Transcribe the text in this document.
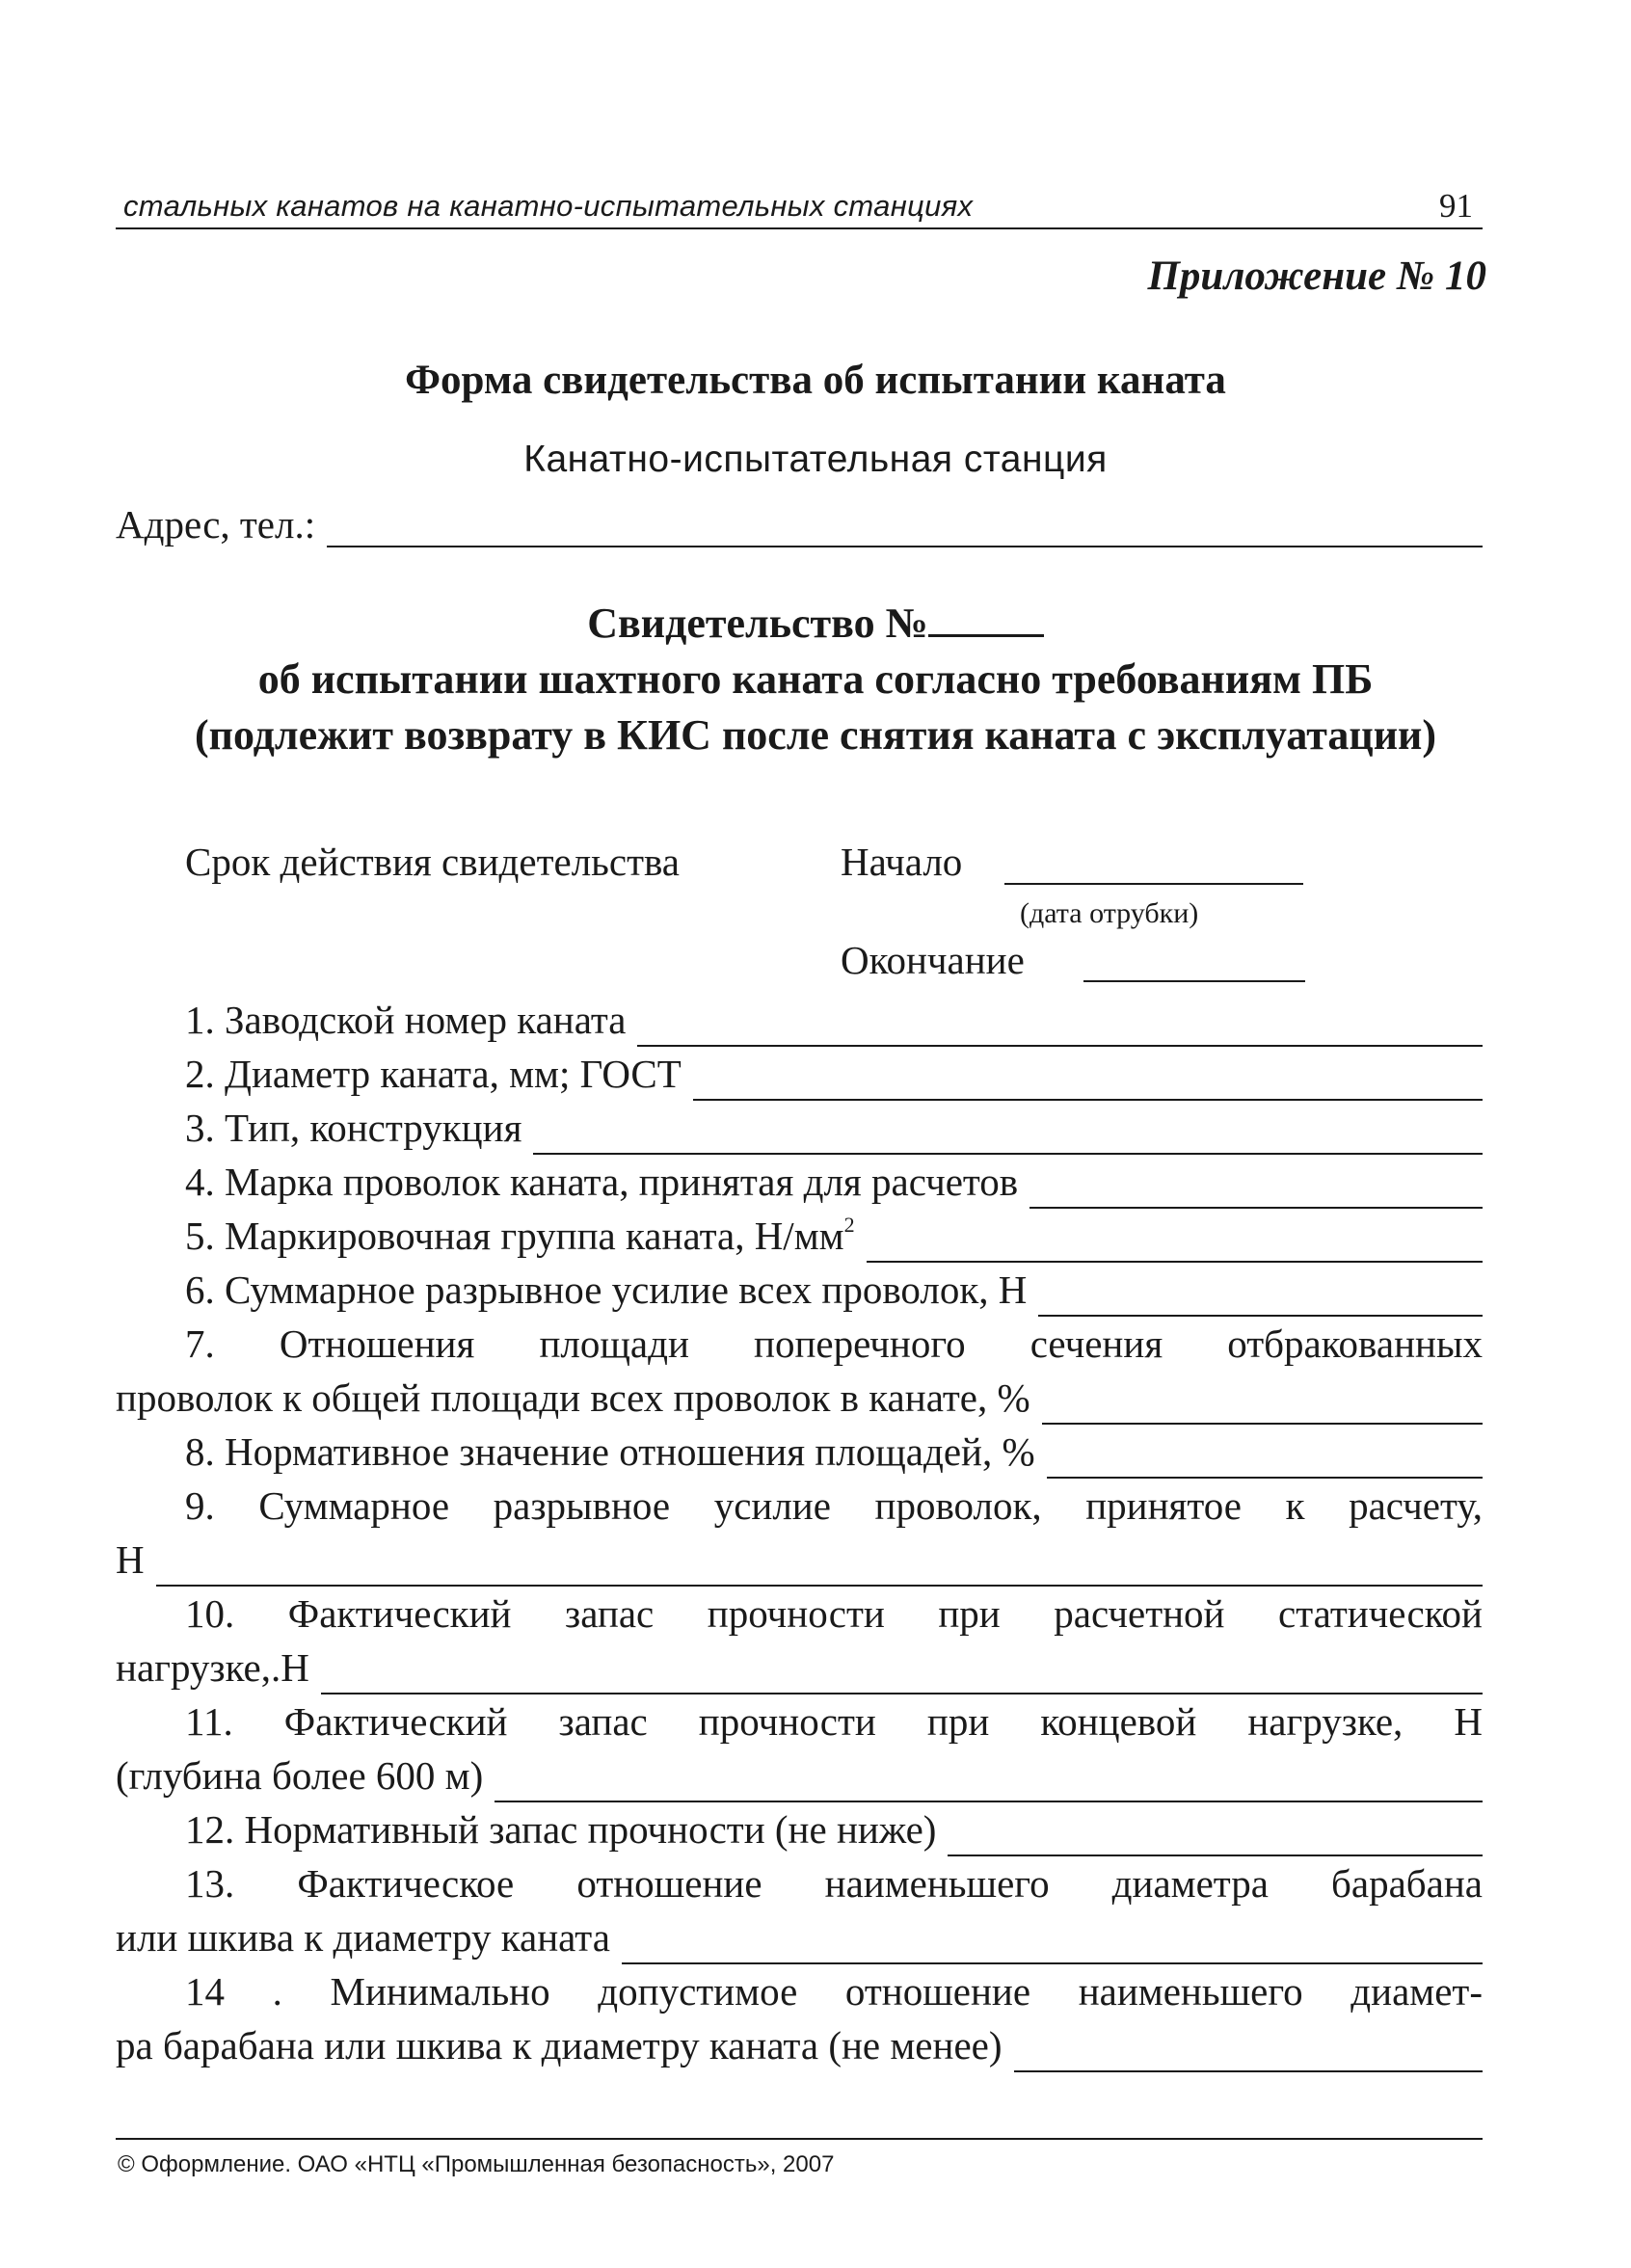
стальных канатов на канатно-испытательных станциях	91
Приложение № 10
Форма свидетельства об испытании каната
Канатно-испытательная станция
Адрес, тел.:
Свидетельство №
об испытании шахтного каната согласно требованиям ПБ
(подлежит возврату в КИС после снятия каната с эксплуатации)
Срок действия свидетельства	Начало
(дата отрубки)
Окончание
1. Заводской номер каната
2. Диаметр каната, мм; ГОСТ
3. Тип, конструкция
4. Марка проволок каната, принятая для расчетов
5. Маркировочная группа каната, $Н/мм^2$
6. Суммарное разрывное усилие всех проволок, Н
7. Отношения площади поперечного сечения отбракованных
проволок к общей площади всех проволок в канате, %
8. Нормативное значение отношения площадей, %
9. Суммарное разрывное усилие проволок, принятое к расчету,
Н
10. Фактический запас прочности при расчетной статической
нагрузке,.Н
11. Фактический запас прочности при концевой нагрузке, Н
(глубина более 600 м)
12. Нормативный запас прочности (не ниже)
13. Фактическое отношение наименьшего диаметра барабана
или шкива к диаметру каната
14 . Минимально допустимое отношение наименьшего диамет-
ра барабана или шкива к диаметру каната (не менее)
© Оформление. ОАО «НТЦ «Промышленная безопасность», 2007
